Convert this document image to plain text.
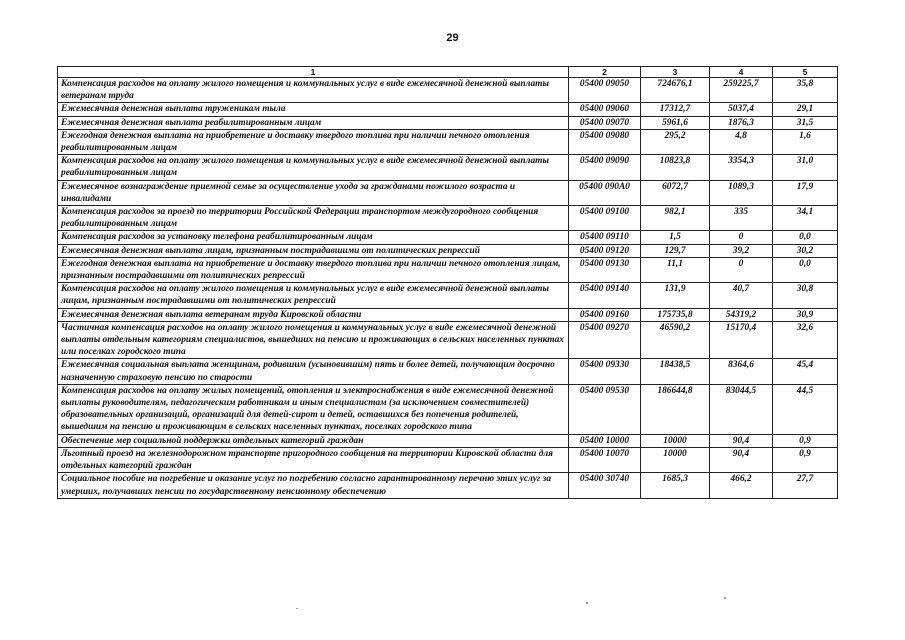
29
1	2	3	4	5
Компенсация расходов на оплату жилого помещения и коммунальных услуг в виде ежемесячной денежной выплаты ветеранам труда	05400 09050	724676,1	259225,7	35,8
Ежемесячная денежная выплата труженикам тыла	05400 09060	17312,7	5037,4	29,1
Ежемесячная денежная выплата реабилитированным лицам	05400 09070	5961,6	1876,3	31,5
Ежегодная денежная выплата на приобретение и доставку твердого топлива при наличии печного отопления реабилитированным лицам	05400 09080	295,2	4,8	1,6
Компенсация расходов на оплату жилого помещения и коммунальных услуг в виде ежемесячной денежной выплаты реабилитированным лицам	05400 09090	10823,8	3354,3	31,0
Ежемесячное вознаграждение приемной семье за осуществление ухода за гражданами пожилого возраста и инвалидами	05400 090А0	6072,7	1089,3	17,9
Компенсация расходов за проезд по территории Российской Федерации транспортом междугородного сообщения реабилитированным лицам	05400 09100	982,1	335	34,1
Компенсация расходов за установку телефона реабилитированным лицам	05400 09110	1,5	0	0,0
Ежемесячная денежная выплата лицам, признанным пострадавшими от политических репрессий	05400 09120	129,7	39,2	30,2
Ежегодная денежная выплата на приобретение и доставку твердого топлива при наличии печного отопления лицам, признанным пострадавшими от политических репрессий	05400 09130	11,1	0	0,0
Компенсация расходов на оплату жилого помещения и коммунальных услуг в виде ежемесячной денежной выплаты лицам, признанным пострадавшими от политических репрессий	05400 09140	131,9	40,7	30,8
Ежемесячная денежная выплата ветеранам труда Кировской области	05400 09160	175735,8	54319,2	30,9
Частичная компенсация расходов на оплату жилого помещения и коммунальных услуг в виде ежемесячной денежной выплаты отдельным категориям специалистов, вышедших на пенсию и проживающих в сельских населенных пунктах или поселках городского типа	05400 09270	46590,2	15170,4	32,6
Ежемесячная социальная выплата женщинам, родившим (усыновившим) пять и более детей, получающим досрочно назначенную страховую пенсию по старости	05400 09330	18438,5	8364,6	45,4
Компенсация расходов на оплату жилых помещений, отопления и электроснабжения в виде ежемесячной денежной выплаты руководителям, педагогическим работникам и иным специалистам (за исключением совместителей) образовательных организаций, организаций для детей-сирот и детей, оставшихся без попечения родителей, вышедшим на пенсию и проживающим в сельских населенных пунктах, поселках городского типа	05400 09530	186644,8	83044,5	44,5
Обеспечение мер социальной поддержки отдельных категорий граждан	05400 10000	10000	90,4	0,9
Льготный проезд на железнодорожном транспорте пригородного сообщения на территории Кировской области для отдельных категорий граждан	05400 10070	10000	90,4	0,9
Социальное пособие на погребение и оказание услуг по погребению согласно гарантированному перечню этих услуг за умерших, получавших пенсии по государственному пенсионному обеспечению	05400 30740	1685,3	466,2	27,7
